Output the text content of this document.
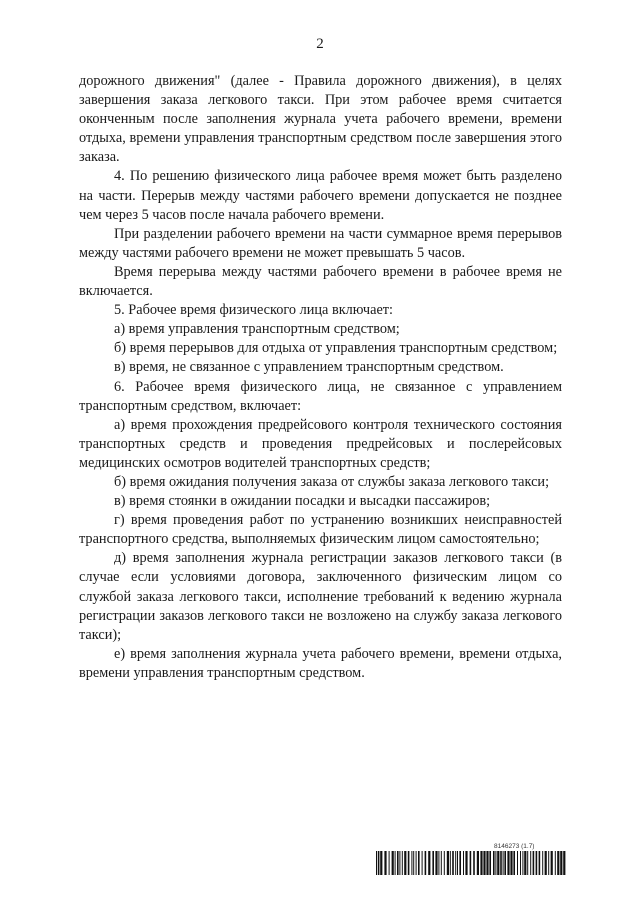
2

дорожного движения" (далее - Правила дорожного движения), в целях завершения заказа легкового такси. При этом рабочее время считается оконченным после заполнения журнала учета рабочего времени, времени отдыха, времени управления транспортным средством после завершения этого заказа.

4. По решению физического лица рабочее время может быть разделено на части. Перерыв между частями рабочего времени допускается не позднее чем через 5 часов после начала рабочего времени.

При разделении рабочего времени на части суммарное время перерывов между частями рабочего времени не может превышать 5 часов.

Время перерыва между частями рабочего времени в рабочее время не включается.

5. Рабочее время физического лица включает:

а) время управления транспортным средством;

б) время перерывов для отдыха от управления транспортным средством;

в) время, не связанное с управлением транспортным средством.

6. Рабочее время физического лица, не связанное с управлением транспортным средством, включает:

а) время прохождения предрейсового контроля технического состояния транспортных средств и проведения предрейсовых и послерейсовых медицинских осмотров водителей транспортных средств;

б) время ожидания получения заказа от службы заказа легкового такси;

в) время стоянки в ожидании посадки и высадки пассажиров;

г) время проведения работ по устранению возникших неисправностей транспортного средства, выполняемых физическим лицом самостоятельно;

д) время заполнения журнала регистрации заказов легкового такси (в случае если условиями договора, заключенного физическим лицом со службой заказа легкового такси, исполнение требований к ведению журнала регистрации заказов легкового такси не возложено на службу заказа легкового такси);

е) время заполнения журнала учета рабочего времени, времени отдыха, времени управления транспортным средством.

8146273 (1.7)
